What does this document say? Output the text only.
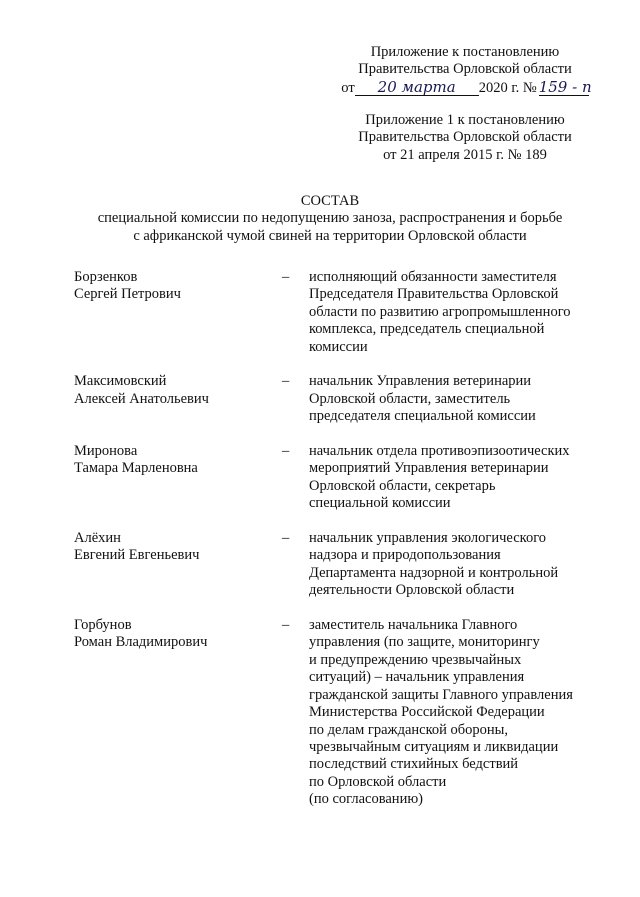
Приложение к постановлению
Правительства Орловской области
от	20 марта	2020 г. № 159 - п
Приложение 1 к постановлению
Правительства Орловской области
от 21 апреля 2015 г. № 189
СОСТАВ
специальной комиссии по недопущению заноза, распространения и борьбе
с африканской чумой свиней на территории Орловской области
Борзенков
Сергей Петрович
–	исполняющий обязанности заместителя
Председателя Правительства Орловской
области по развитию агропромышленного
комплекса, председатель специальной
комиссии
Максимовский
Алексей Анатольевич
–	начальник Управления ветеринарии
Орловской области, заместитель
председателя специальной комиссии
Миронова
Тамара Марленовна
–	начальник отдела противоэпизоотических
мероприятий Управления ветеринарии
Орловской области, секретарь
специальной комиссии
Алёхин
Евгений Евгеньевич
–	начальник управления экологического
надзора и природопользования
Департамента надзорной и контрольной
деятельности Орловской области
Горбунов
Роман Владимирович
–	заместитель начальника Главного
управления (по защите, мониторингу
и предупреждению чрезвычайных
ситуаций) – начальник управления
гражданской защиты Главного управления
Министерства Российской Федерации
по делам гражданской обороны,
чрезвычайным ситуациям и ликвидации
последствий стихийных бедствий
по Орловской области
(по согласованию)
